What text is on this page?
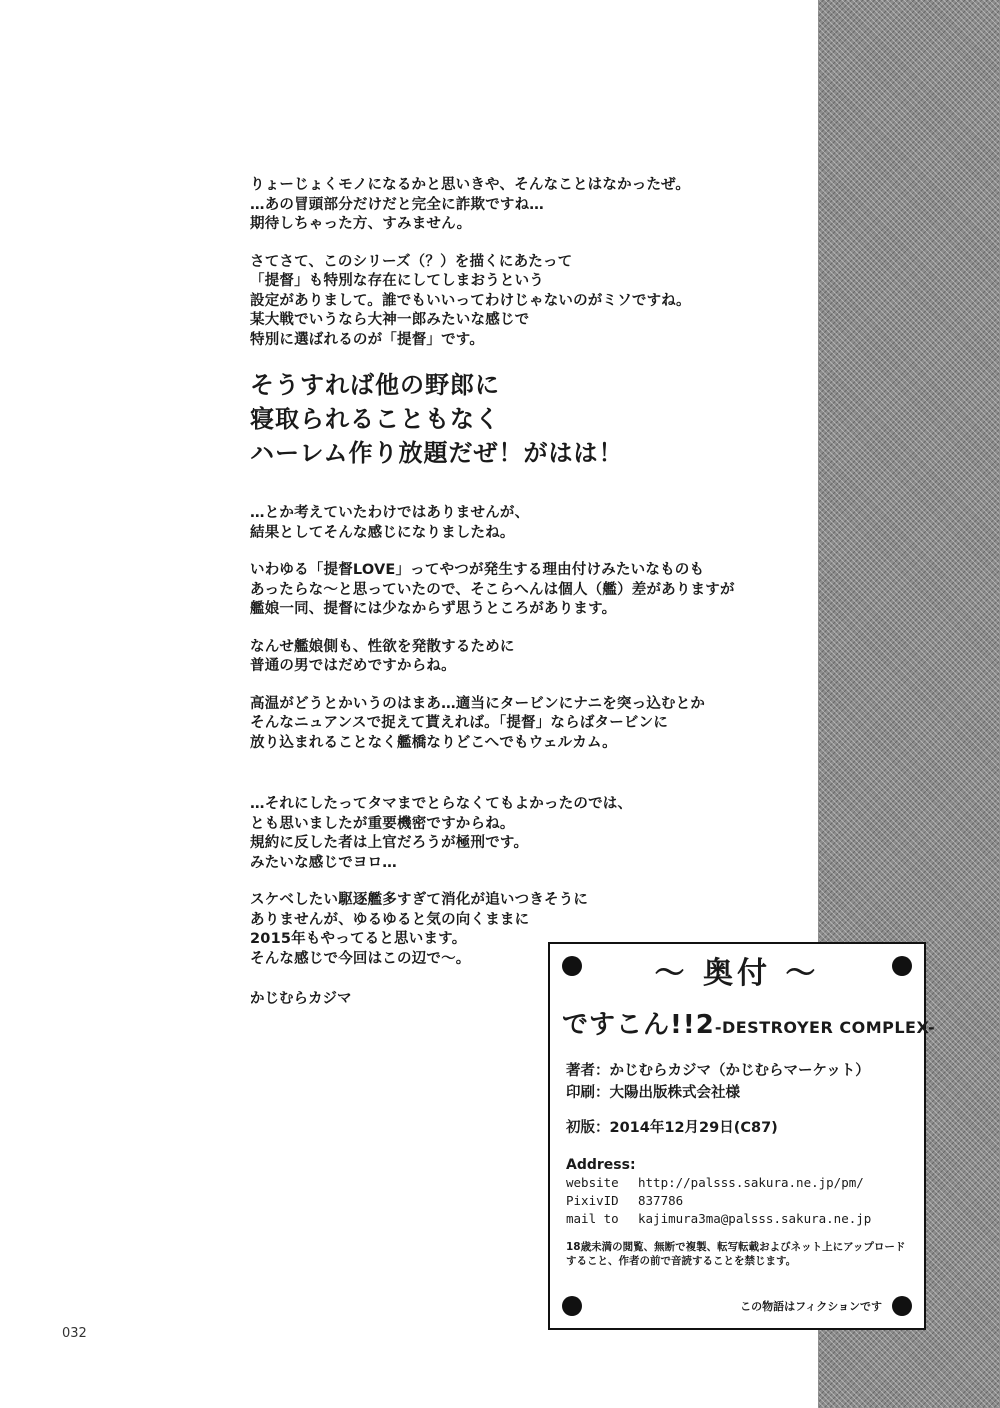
りょーじょくモノになるかと思いきや、そんなことはなかったぜ。
…あの冒頭部分だけだと完全に詐欺ですね…
期待しちゃった方、すみません。
さてさて、このシリーズ（？）を描くにあたって
「提督」も特別な存在にしてしまおうという
設定がありまして。誰でもいいってわけじゃないのがミソですね。
某大戦でいうなら大神一郎みたいな感じで
特別に選ばれるのが「提督」です。
そうすれば他の野郎に
寝取られることもなく
ハーレム作り放題だぜ！がはは！
…とか考えていたわけではありませんが、
結果としてそんな感じになりましたね。
いわゆる「提督LOVE」ってやつが発生する理由付けみたいなものも
あったらな～と思っていたので、そこらへんは個人（艦）差がありますが
艦娘一同、提督には少なからず思うところがあります。
なんせ艦娘側も、性欲を発散するために
普通の男ではだめですからね。
高温がどうとかいうのはまあ…適当にタービンにナニを突っ込むとか
そんなニュアンスで捉えて貰えれば。「提督」ならばタービンに
放り込まれることなく艦橋なりどこへでもウェルカム。
…それにしたってタマまでとらなくてもよかったのでは、
とも思いましたが重要機密ですからね。
規約に反した者は上官だろうが極刑です。
みたいな感じでヨロ…
スケベしたい駆逐艦多すぎて消化が追いつきそうに
ありませんが、ゆるゆると気の向くままに
2015年もやってると思います。
そんな感じで今回はこの辺で～。
かじむらカジマ
032
～ 奥付 ～
ですこん!!2-DESTROYER COMPLEX-
著者：かじむらカジマ（かじむらマーケット）
印刷：大陽出版株式会社様
初版：2014年12月29日(C87)
Address:
website	http://palsss.sakura.ne.jp/pm/
PixivID	837786
mail to	kajimura3ma@palsss.sakura.ne.jp
18歳未満の閲覧、無断で複製、転写転載およびネット上にアップロードすること、作者の前で音読することを禁じます。
この物語はフィクションです
